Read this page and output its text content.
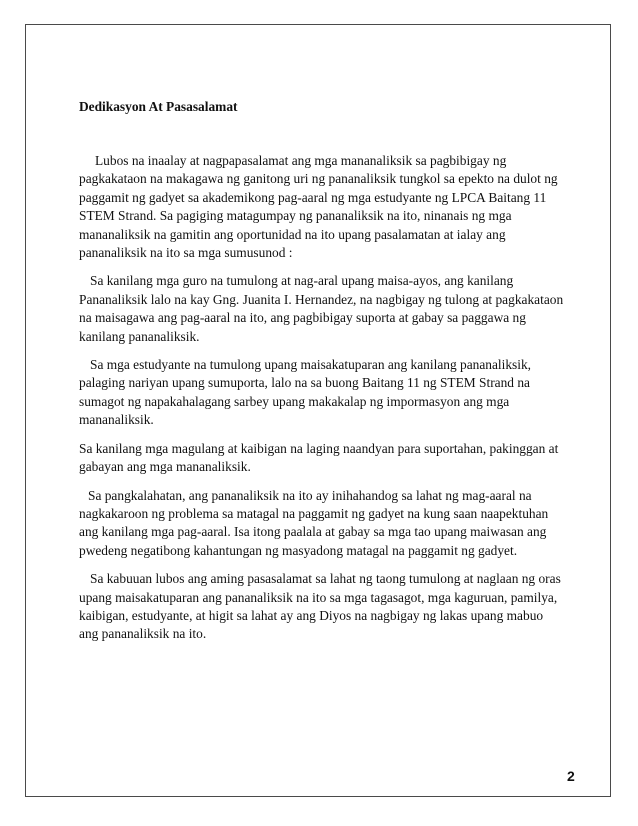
Dedikasyon At Pasasalamat

Lubos na inaalay at nagpapasalamat ang mga mananaliksik sa pagbibigay ng pagkakataon na makagawa ng ganitong uri ng pananaliksik tungkol sa epekto na dulot ng paggamit ng gadyet sa akademikong pag-aaral ng mga estudyante ng LPCA Baitang 11 STEM Strand. Sa pagiging matagumpay ng pananaliksik na ito, ninanais ng mga mananaliksik na gamitin ang oportunidad na ito upang pasalamatan at ialay ang pananaliksik na ito sa mga sumusunod :

Sa kanilang mga guro na tumulong at nag-aral upang maisa-ayos, ang kanilang Pananaliksik lalo na kay Gng. Juanita I. Hernandez, na nagbigay ng tulong at pagkakataon na maisagawa ang pag-aaral na ito, ang pagbibigay suporta at gabay sa paggawa ng kanilang pananaliksik.

Sa mga estudyante na tumulong upang maisakatuparan ang kanilang pananaliksik, palaging nariyan upang sumuporta, lalo na sa buong Baitang 11 ng STEM Strand na sumagot ng napakahalagang sarbey upang makakalap ng impormasyon ang mga mananaliksik.

Sa kanilang mga magulang at kaibigan na laging naandyan para suportahan, pakinggan at gabayan ang mga mananaliksik.

Sa pangkalahatan, ang pananaliksik na ito ay inihahandog sa lahat ng mag-aaral na nagkakaroon ng problema sa matagal na paggamit ng gadyet na kung saan naapektuhan ang kanilang mga pag-aaral. Isa itong paalala at gabay sa mga tao upang maiwasan ang pwedeng negatibong kahantungan ng masyadong matagal na paggamit ng gadyet.

Sa kabuuan lubos ang aming pasasalamat sa lahat ng taong tumulong at naglaan ng oras upang maisakatuparan ang pananaliksik na ito sa mga tagasagot, mga kaguruan, pamilya, kaibigan, estudyante, at higit sa lahat ay ang Diyos na nagbigay ng lakas upang mabuo ang pananaliksik na ito.

2
